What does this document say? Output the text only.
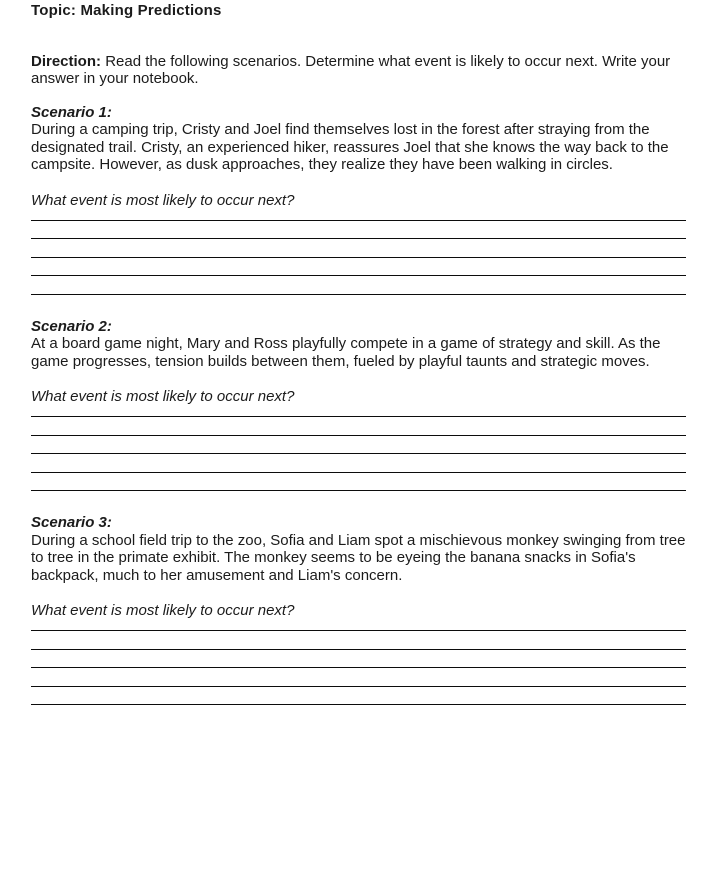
Topic: Making Predictions

Direction: Read the following scenarios. Determine what event is likely to occur next. Write your answer in your notebook.

Scenario 1:

During a camping trip, Cristy and Joel find themselves lost in the forest after straying from the designated trail. Cristy, an experienced hiker, reassures Joel that she knows the way back to the campsite. However, as dusk approaches, they realize they have been walking in circles.

What event is most likely to occur next?

Scenario 2:

At a board game night, Mary and Ross playfully compete in a game of strategy and skill. As the game progresses, tension builds between them, fueled by playful taunts and strategic moves.

What event is most likely to occur next?

Scenario 3:

During a school field trip to the zoo, Sofia and Liam spot a mischievous monkey swinging from tree to tree in the primate exhibit. The monkey seems to be eyeing the banana snacks in Sofia's backpack, much to her amusement and Liam's concern.

What event is most likely to occur next?
